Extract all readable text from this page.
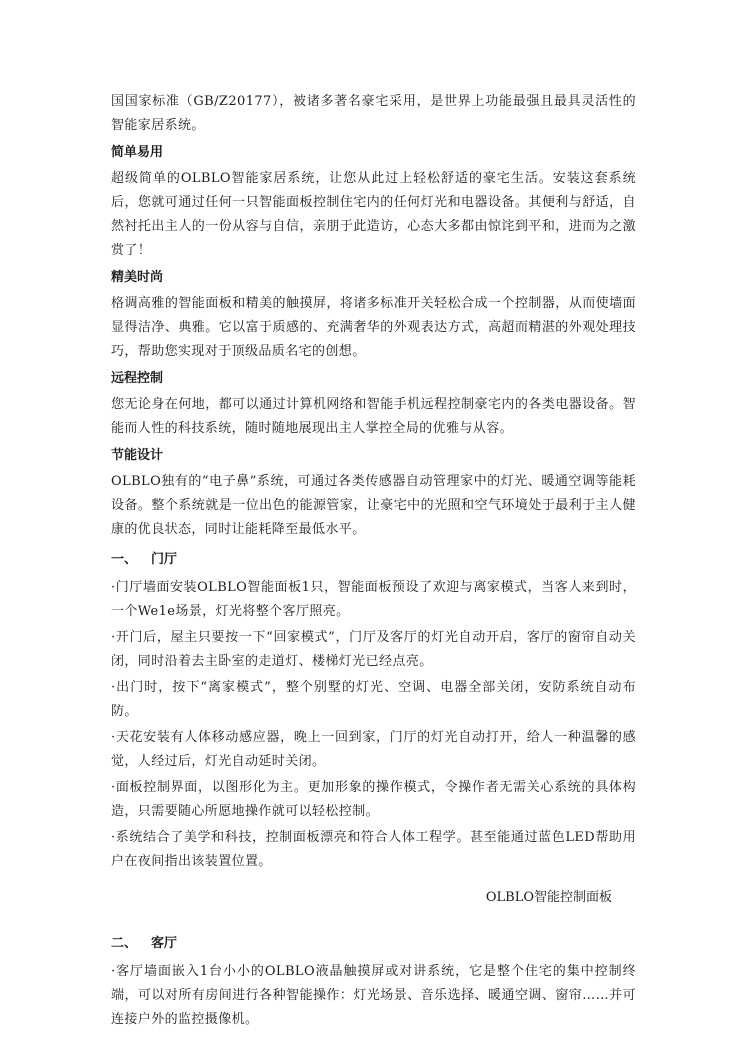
国国家标准（GB/Z20177），被诸多著名豪宅采用，是世界上功能最强且最具灵活性的智能家居系统。

简单易用

超级简单的OLBLO智能家居系统，让您从此过上轻松舒适的豪宅生活。安装这套系统后，您就可通过任何一只智能面板控制住宅内的任何灯光和电器设备。其便利与舒适，自然衬托出主人的一份从容与自信，亲朋于此造访，心态大多都由惊诧到平和，进而为之激赏了！

精美时尚

格调高雅的智能面板和精美的触摸屏，将诸多标准开关轻松合成一个控制器，从而使墙面显得洁净、典雅。它以富于质感的、充满奢华的外观表达方式，高超而精湛的外观处理技巧，帮助您实现对于顶级品质名宅的创想。

远程控制

您无论身在何地，都可以通过计算机网络和智能手机远程控制豪宅内的各类电器设备。智能而人性的科技系统，随时随地展现出主人掌控全局的优雅与从容。

节能设计

OLBLO独有的“电子鼻”系统，可通过各类传感器自动管理家中的灯光、暖通空调等能耗设备。整个系统就是一位出色的能源管家，让豪宅中的光照和空气环境处于最利于主人健康的优良状态，同时让能耗降至最低水平。

一、 门厅

·门厅墙面安装OLBLO智能面板1只，智能面板预设了欢迎与离家模式，当客人来到时，一个We1e场景，灯光将整个客厅照亮。

·开门后，屋主只要按一下“回家模式”，门厅及客厅的灯光自动开启，客厅的窗帘自动关闭，同时沿着去主卧室的走道灯、楼梯灯光已经点亮。

·出门时，按下“离家模式”，整个别墅的灯光、空调、电器全部关闭，安防系统自动布防。

·天花安装有人体移动感应器，晚上一回到家，门厅的灯光自动打开，给人一种温馨的感觉，人经过后，灯光自动延时关闭。

·面板控制界面，以图形化为主。更加形象的操作模式，令操作者无需关心系统的具体构造，只需要随心所愿地操作就可以轻松控制。

·系统结合了美学和科技，控制面板漂亮和符合人体工程学。甚至能通过蓝色LED帮助用户在夜间指出该装置位置。

OLBLO智能控制面板
二、 客厅

·客厅墙面嵌入1台小小的OLBLO液晶触摸屏或对讲系统，它是整个住宅的集中控制终端，可以对所有房间进行各种智能操作：灯光场景、音乐选择、暖通空调、窗帘……并可连接户外的监控摄像机。
